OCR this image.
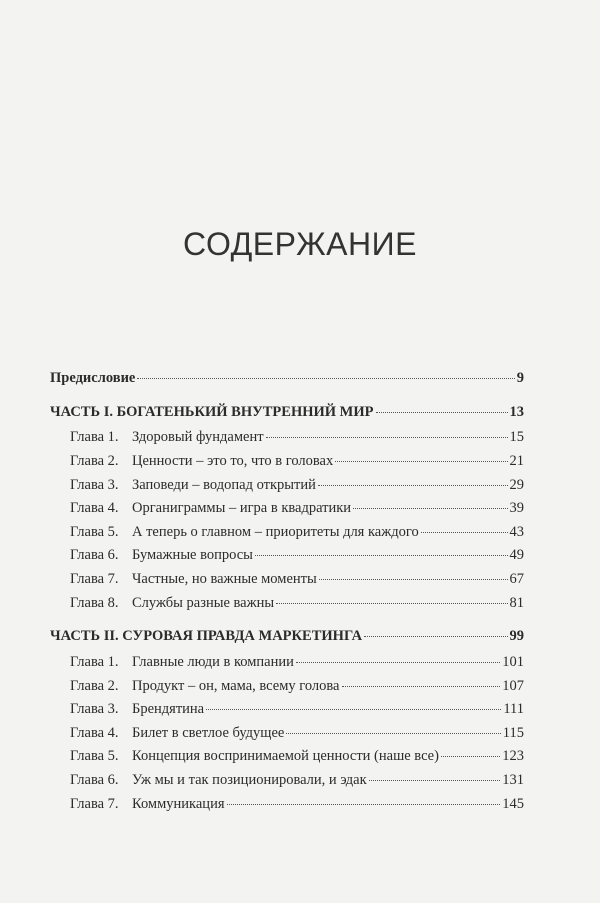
СОДЕРЖАНИЕ
Предисловие	9
ЧАСТЬ I. БОГАТЕНЬКИЙ ВНУТРЕННИЙ МИР	13
Глава 1. Здоровый фундамент	15
Глава 2. Ценности – это то, что в головах	21
Глава 3. Заповеди – водопад открытий	29
Глава 4. Органиграммы – игра в квадратики	39
Глава 5. А теперь о главном – приоритеты для каждого	43
Глава 6. Бумажные вопросы	49
Глава 7. Частные, но важные моменты	67
Глава 8. Службы разные важны	81
ЧАСТЬ II. СУРОВАЯ ПРАВДА МАРКЕТИНГА	99
Глава 1. Главные люди в компании	101
Глава 2. Продукт – он, мама, всему голова	107
Глава 3. Брендятина	111
Глава 4. Билет в светлое будущее	115
Глава 5. Концепция воспринимаемой ценности (наше все)	123
Глава 6. Уж мы и так позиционировали, и эдак	131
Глава 7. Коммуникация	145
